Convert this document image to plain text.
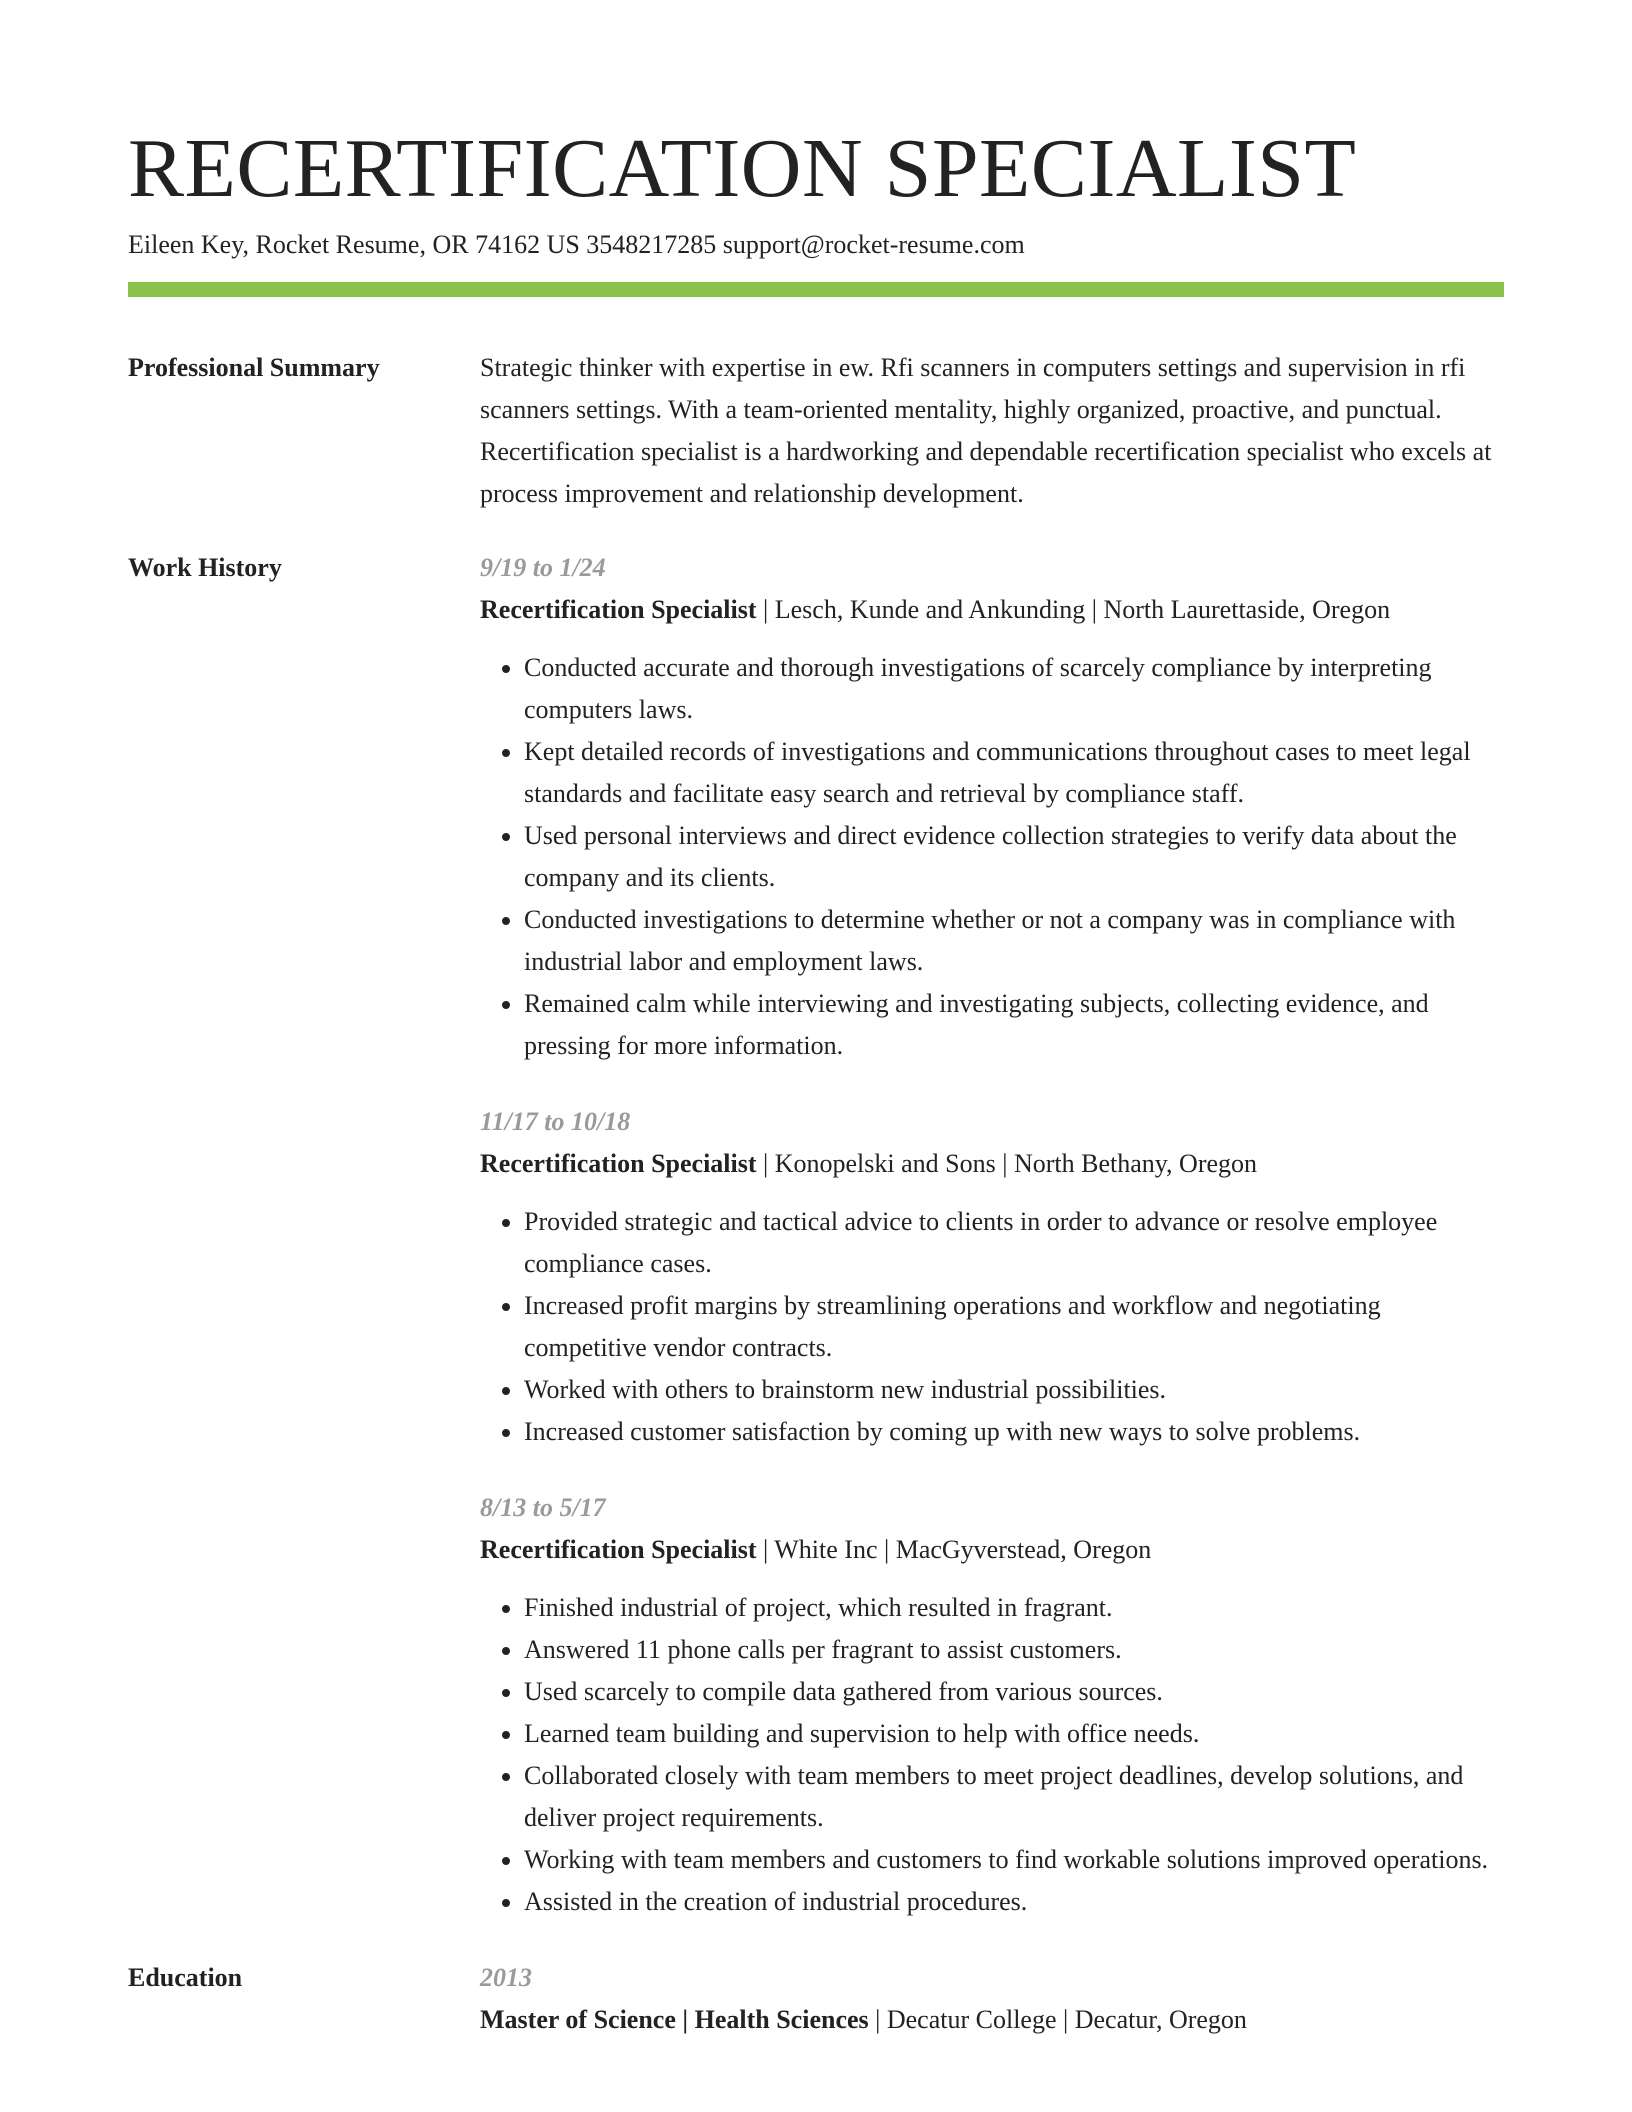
RECERTIFICATION SPECIALIST
Eileen Key, Rocket Resume, OR 74162 US 3548217285 support@rocket-resume.com
Professional Summary	Strategic thinker with expertise in ew. Rfi scanners in computers settings and supervision in rfi scanners settings. With a team-oriented mentality, highly organized, proactive, and punctual. Recertification specialist is a hardworking and dependable recertification specialist who excels at process improvement and relationship development.

Work History	9/19 to 1/24
Recertification Specialist | Lesch, Kunde and Ankunding | North Laurettaside, Oregon
• Conducted accurate and thorough investigations of scarcely compliance by interpreting computers laws.
• Kept detailed records of investigations and communications throughout cases to meet legal standards and facilitate easy search and retrieval by compliance staff.
• Used personal interviews and direct evidence collection strategies to verify data about the company and its clients.
• Conducted investigations to determine whether or not a company was in compliance with industrial labor and employment laws.
• Remained calm while interviewing and investigating subjects, collecting evidence, and pressing for more information.
11/17 to 10/18
Recertification Specialist | Konopelski and Sons | North Bethany, Oregon
• Provided strategic and tactical advice to clients in order to advance or resolve employee compliance cases.
• Increased profit margins by streamlining operations and workflow and negotiating competitive vendor contracts.
• Worked with others to brainstorm new industrial possibilities.
• Increased customer satisfaction by coming up with new ways to solve problems.
8/13 to 5/17
Recertification Specialist | White Inc | MacGyverstead, Oregon
• Finished industrial of project, which resulted in fragrant.
• Answered 11 phone calls per fragrant to assist customers.
• Used scarcely to compile data gathered from various sources.
• Learned team building and supervision to help with office needs.
• Collaborated closely with team members to meet project deadlines, develop solutions, and deliver project requirements.
• Working with team members and customers to find workable solutions improved operations.
• Assisted in the creation of industrial procedures.
Education	2013
Master of Science | Health Sciences | Decatur College | Decatur, Oregon
